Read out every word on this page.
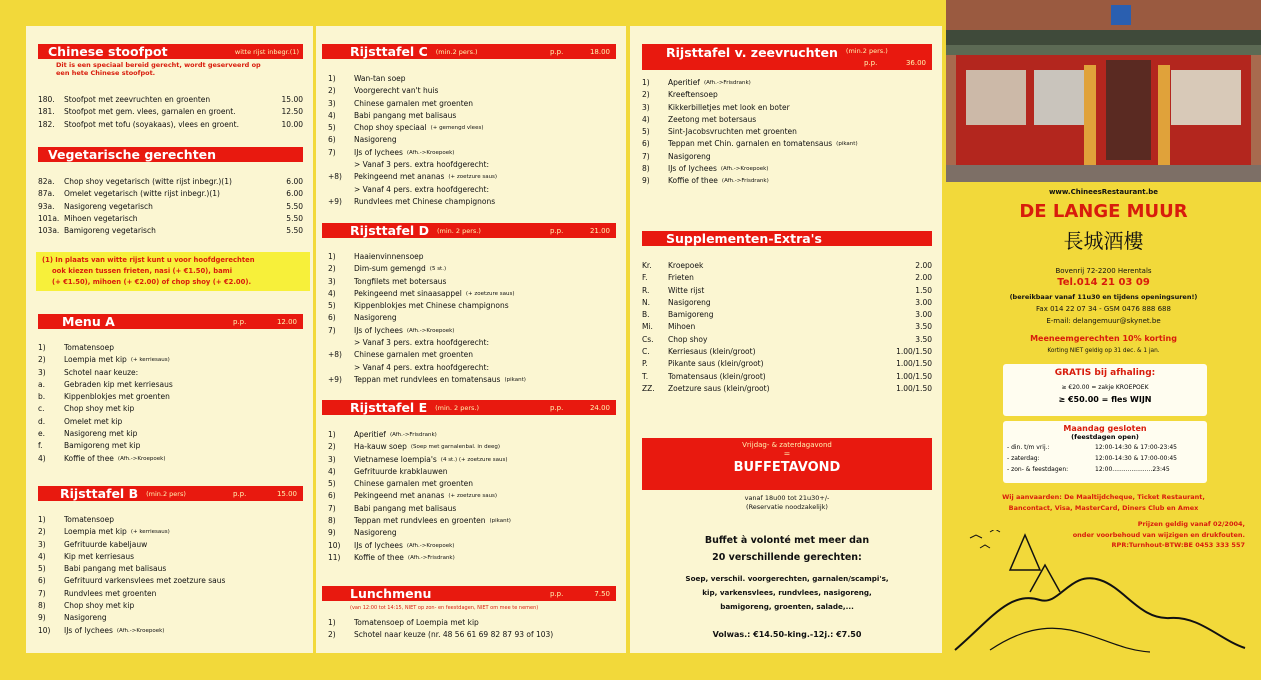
Chinese stoofpot	witte rijst inbegr.(1)
Dit is een speciaal bereid gerecht, wordt geserveerd op
een hete Chinese stoofpot.
180.	Stoofpot met zeevruchten en groenten	15.00
181.	Stoofpot met gem. vlees, garnalen en groent.	12.50
182.	Stoofpot met tofu (soyakaas), vlees en groent.	10.00
Vegetarische gerechten
82a.	Chop shoy vegetarisch (witte rijst inbegr.)(1)	6.00
87a.	Omelet vegetarisch (witte rijst inbegr.)(1)	6.00
93a.	Nasigoreng vegetarisch	5.50
101a. Mihoen vegetarisch	5.50
103a. Bamigoreng vegetarisch	5.50
(1) In plaats van witte rijst kunt u voor hoofdgerechten
ook kiezen tussen frieten, nasi (+ €1.50), bami
(+ €1.50), mihoen (+ €2.00) of chop shoy (+ €2.00).
Menu A	p.p.	12.00
1)	Tomatensoep
2)	Loempia met kip (+ kerriesaus)
3)	Schotel naar keuze:
a.	Gebraden kip met kerriesaus
b.	Kippenblokjes met groenten
c.	Chop shoy met kip
d.	Omelet met kip
e.	Nasigoreng met kip
f.	Bamigoreng met kip
4)	Koffie of thee (Afh.->Kroepoek)
Rijsttafel B (min.2 pers)	p.p.	15.00
1)	Tomatensoep
2)	Loempia met kip (+ kerriesaus)
3)	Gefrituurde kabeljauw
4)	Kip met kerriesaus
5)	Babi pangang met balisaus
6)	Gefrituurd varkensvlees met zoetzure saus
7)	Rundvlees met groenten
8)	Chop shoy met kip
9)	Nasigoreng
10)	IJs of lychees (Afh.->Kroepoek)
Rijsttafel C (min.2 pers.)	p.p.	18.00
1)	Wan-tan soep
2)	Voorgerecht van't huis
3)	Chinese garnalen met groenten
4)	Babi pangang met balisaus
5)	Chop shoy speciaal (+ gemengd vlees)
6)	Nasigoreng
7)	IJs of lychees (Afh.->Kroepoek)
> Vanaf 3 pers. extra hoofdgerecht:
+8)	Pekingeend met ananas (+ zoetzure saus)
> Vanaf 4 pers. extra hoofdgerecht:
+9)	Rundvlees met Chinese champignons
Rijsttafel D (min. 2 pers.)	p.p.	21.00
1)	Haaienvinnensoep
2)	Dim-sum gemengd (5 st.)
3)	Tongfilets met botersaus
4)	Pekingeend met sinaasappel (+ zoetzure saus)
5)	Kippenblokjes met Chinese champignons
6)	Nasigoreng
7)	IJs of lychees (Afh.->Kroepoek)
> Vanaf 3 pers. extra hoofdgerecht:
+8)	Chinese garnalen met groenten
> Vanaf 4 pers. extra hoofdgerecht:
+9)	Teppan met rundvlees en tomatensaus (pikant)
Rijsttafel E (min. 2 pers.)	p.p.	24.00
1)	Aperitief (Afh.->Frisdrank)
2)	Ha-kauw soep (Soep met garnalenbal. in deeg)
3)	Vietnamese loempia's (4 st.) (+ zoetzure saus)
4)	Gefrituurde krabklauwen
5)	Chinese garnalen met groenten
6)	Pekingeend met ananas (+ zoetzure saus)
7)	Babi pangang met balisaus
8)	Teppan met rundvlees en groenten (pikant)
9)	Nasigoreng
10)	IJs of lychees (Afh.->Kroepoek)
11)	Koffie of thee (Afh.->Frisdrank)
Lunchmenu	p.p.	7.50
(van 12:00 tot 14:15, NIET op zon- en feestdagen, NIET om mee te nemen)
1)	Tomatensoep of Loempia met kip
2)	Schotel naar keuze (nr. 48 56 61 69 82 87 93 of 103)
Rijsttafel v. zeevruchten (min.2 pers.)
p.p.	36.00
1)	Aperitief (Afh.->Frisdrank)
2)	Kreeftensoep
3)	Kikkerbilletjes met look en boter
4)	Zeetong met botersaus
5)	Sint-Jacobsvruchten met groenten
6)	Teppan met Chin. garnalen en tomatensaus (pikant)
7)	Nasigoreng
8)	IJs of lychees (Afh.->Kroepoek)
9)	Koffie of thee (Afh.->Frisdrank)
Supplementen-Extra's
Kr.	Kroepoek	2.00
F.	Frieten	2.00
R.	Witte rijst	1.50
N.	Nasigoreng	3.00
B.	Bamigoreng	3.00
Mi.	Mihoen	3.50
Cs.	Chop shoy	3.50
C.	Kerriesaus (klein/groot)	1.00/1.50
P.	Pikante saus (klein/groot)	1.00/1.50
T.	Tomatensaus (klein/groot)	1.00/1.50
ZZ.	Zoetzure saus (klein/groot)	1.00/1.50
Vrijdag- & zaterdagavond
=
BUFFETAVOND
vanaf 18u00 tot 21u30+/-
(Reservatie noodzakelijk)
Buffet à volonté met meer dan
20 verschillende gerechten:
Soep, verschil. voorgerechten, garnalen/scampi's,
kip, varkensvlees, rundvlees, nasigoreng,
bamigoreng, groenten, salade,...
Volwas.: €14.50-king.-12j.: €7.50
www.ChineesRestaurant.be
DE LANGE MUUR
長城酒樓
Bovenrij 72-2200 Herentals
Tel.014 21 03 09
(bereikbaar vanaf 11u30 en tijdens openingsuren!)
Fax 014 22 07 34 - GSM 0476 888 688
E-mail: delangemuur@skynet.be
Meeneemgerechten 10% korting
Korting NIET geldig op 31 dec. & 1 jan.
GRATIS bij afhaling:
≥ €20.00 = zakje KROEPOEK
≥ €50.00 = fles WIJN
Maandag gesloten
(feestdagen open)
- din. t/m vrij.:	12:00-14:30 & 17:00-23:45
- zaterdag:	12:00-14:30 & 17:00-00:45
- zon- & feestdagen:	12:00.....................23:45
Wij aanvaarden: De Maaltijdcheque, Ticket Restaurant,
Bancontact, Visa, MasterCard, Diners Club en Amex
Prijzen geldig vanaf 02/2004,
onder voorbehoud van wijzigen en drukfouten.
RPR:Turnhout-BTW:BE 0453 333 557
